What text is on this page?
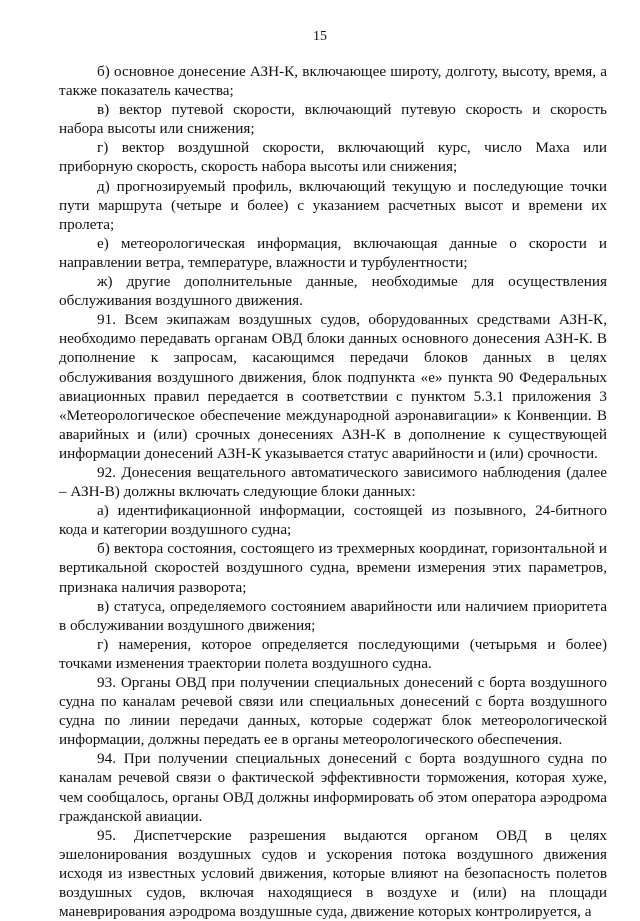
15

б) основное донесение АЗН-К, включающее широту, долготу, высоту, время, а также показатель качества;

в) вектор путевой скорости, включающий путевую скорость и скорость набора высоты или снижения;

г) вектор воздушной скорости, включающий курс, число Маха или приборную скорость, скорость набора высоты или снижения;

д) прогнозируемый профиль, включающий текущую и последующие точки пути маршрута (четыре и более) с указанием расчетных высот и времени их пролета;

е) метеорологическая информация, включающая данные о скорости и направлении ветра, температуре, влажности и турбулентности;

ж) другие дополнительные данные, необходимые для осуществления обслуживания воздушного движения.

91. Всем экипажам воздушных судов, оборудованных средствами АЗН-К, необходимо передавать органам ОВД блоки данных основного донесения АЗН-К. В дополнение к запросам, касающимся передачи блоков данных в целях обслуживания воздушного движения, блок подпункта «е» пункта 90 Федеральных авиационных правил передается в соответствии с пунктом 5.3.1 приложения 3 «Метеорологическое обеспечение международной аэронавигации» к Конвенции. В аварийных и (или) срочных донесениях АЗН-К в дополнение к существующей информации донесений АЗН-К указывается статус аварийности и (или) срочности.

92. Донесения вещательного автоматического зависимого наблюдения (далее – АЗН-В) должны включать следующие блоки данных:

а) идентификационной информации, состоящей из позывного, 24-битного кода и категории воздушного судна;

б) вектора состояния, состоящего из трехмерных координат, горизонтальной и вертикальной скоростей воздушного судна, времени измерения этих параметров, признака наличия разворота;

в) статуса, определяемого состоянием аварийности или наличием приоритета в обслуживании воздушного движения;

г) намерения, которое определяется последующими (четырьмя и более) точками изменения траектории полета воздушного судна.

93. Органы ОВД при получении специальных донесений с борта воздушного судна по каналам речевой связи или специальных донесений с борта воздушного судна по линии передачи данных, которые содержат блок метеорологической информации, должны передать ее в органы метеорологического обеспечения.

94. При получении специальных донесений с борта воздушного судна по каналам речевой связи о фактической эффективности торможения, которая хуже, чем сообщалось, органы ОВД должны информировать об этом оператора аэродрома гражданской авиации.

95. Диспетчерские разрешения выдаются органом ОВД в целях эшелонирования воздушных судов и ускорения потока воздушного движения исходя из известных условий движения, которые влияют на безопасность полетов воздушных судов, включая находящиеся в воздухе и (или) на площади маневрирования аэродрома воздушные суда, движение которых контролируется, а
